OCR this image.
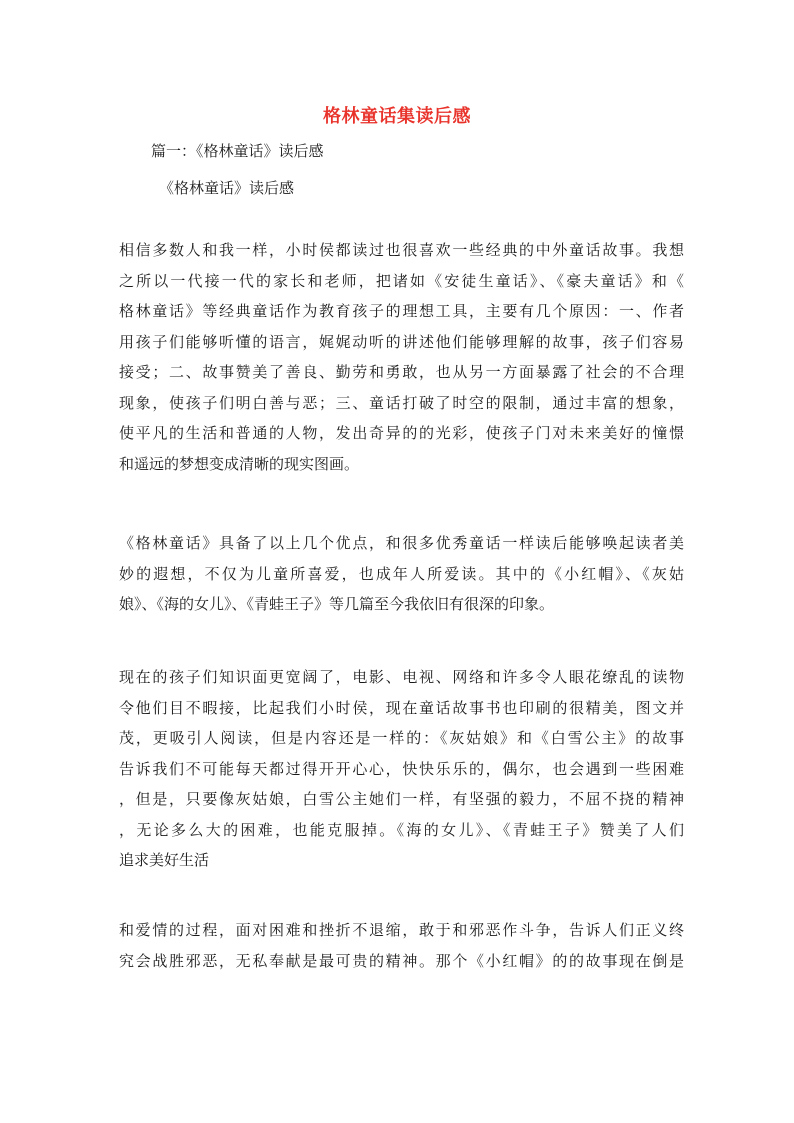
格林童话集读后感
篇一：《格林童话》读后感
《格林童话》读后感
相信多数人和我一样，小时侯都读过也很喜欢一些经典的中外童话故事。我想
之所以一代接一代的家长和老师，把诸如《安徒生童话》、《豪夫童话》和《
格林童话》等经典童话作为教育孩子的理想工具，主要有几个原因：一、作者
用孩子们能够听懂的语言，娓娓动听的讲述他们能够理解的故事，孩子们容易
接受；二、故事赞美了善良、勤劳和勇敢，也从另一方面暴露了社会的不合理
现象，使孩子们明白善与恶；三、童话打破了时空的限制，通过丰富的想象，
使平凡的生活和普通的人物，发出奇异的的光彩，使孩子门对未来美好的憧憬
和遥远的梦想变成清晰的现实图画。
《格林童话》具备了以上几个优点，和很多优秀童话一样读后能够唤起读者美
妙的遐想，不仅为儿童所喜爱，也成年人所爱读。其中的《小红帽》、《灰姑
娘》、《海的女儿》、《青蛙王子》等几篇至今我依旧有很深的印象。
现在的孩子们知识面更宽阔了，电影、电视、网络和许多令人眼花缭乱的读物
令他们目不暇接，比起我们小时侯，现在童话故事书也印刷的很精美，图文并
茂，更吸引人阅读，但是内容还是一样的：《灰姑娘》和《白雪公主》的故事
告诉我们不可能每天都过得开开心心，快快乐乐的，偶尔，也会遇到一些困难
，但是，只要像灰姑娘，白雪公主她们一样，有坚强的毅力，不屈不挠的精神
，无论多么大的困难，也能克服掉。《海的女儿》、《青蛙王子》赞美了人们
追求美好生活
和爱情的过程，面对困难和挫折不退缩，敢于和邪恶作斗争，告诉人们正义终
究会战胜邪恶，无私奉献是最可贵的精神。那个《小红帽》的的故事现在倒是
